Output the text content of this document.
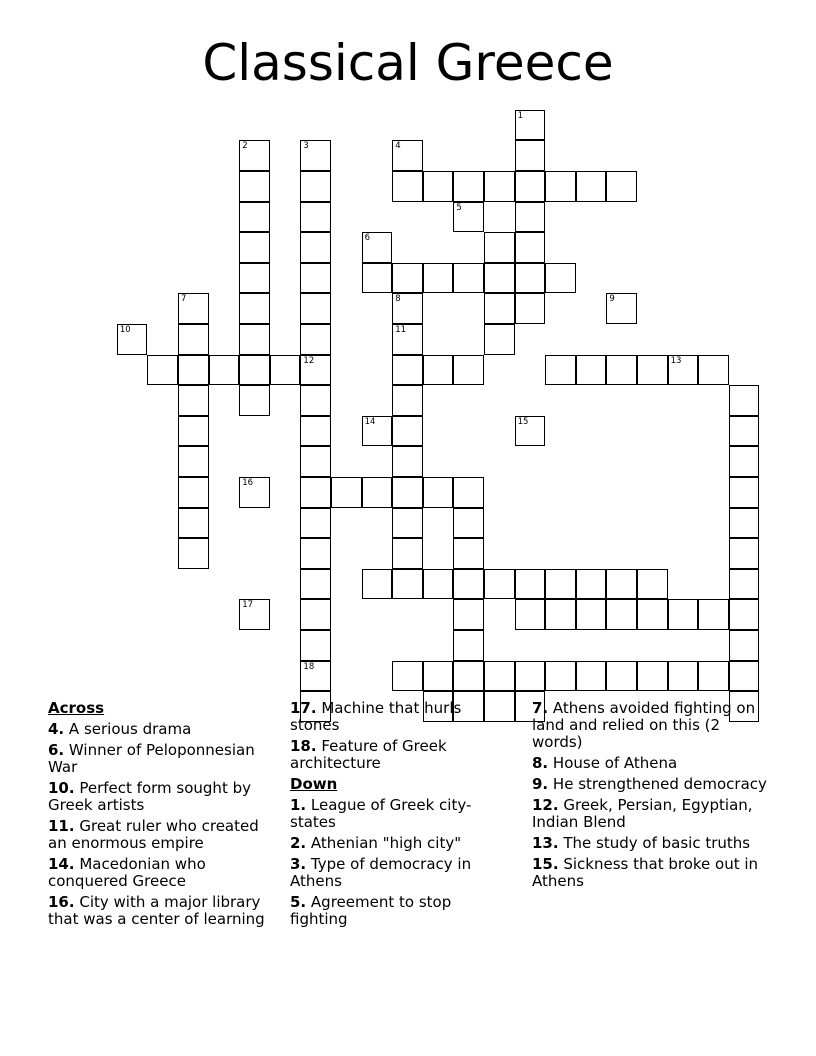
Classical Greece
13
18
1
2	3	4
5
6
7	8	9
10	11
12
14	15
16
17
Across
4. A serious drama
6. Winner of Peloponnesian War
10. Perfect form sought by Greek artists
11. Great ruler who created an enormous empire
14. Macedonian who conquered Greece
16. City with a major library that was a center of learning
17. Machine that hurls stones
18. Feature of Greek architecture
Down
1. League of Greek city-states
2. Athenian "high city"
3. Type of democracy in Athens
5. Agreement to stop fighting
7. Athens avoided fighting on land and relied on this (2 words)
8. House of Athena
9. He strengthened democracy
12. Greek, Persian, Egyptian, Indian Blend
13. The study of basic truths
15. Sickness that broke out in Athens
